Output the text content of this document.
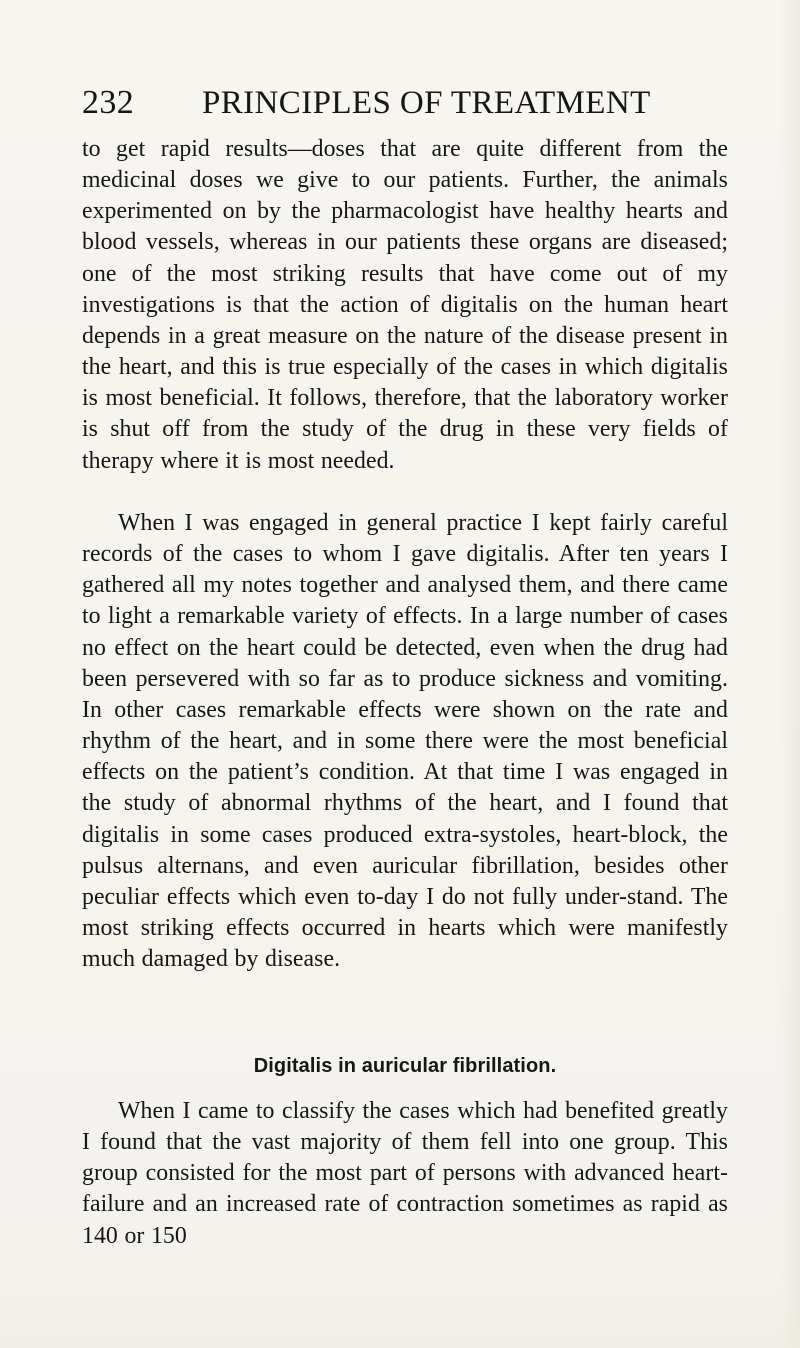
232 PRINCIPLES OF TREATMENT

to get rapid results—doses that are quite different from the medicinal doses we give to our patients. Further, the animals experimented on by the pharmacologist have healthy hearts and blood vessels, whereas in our patients these organs are diseased; one of the most striking results that have come out of my investigations is that the action of digitalis on the human heart depends in a great measure on the nature of the disease present in the heart, and this is true especially of the cases in which digitalis is most beneficial. It follows, therefore, that the laboratory worker is shut off from the study of the drug in these very fields of therapy where it is most needed.

When I was engaged in general practice I kept fairly careful records of the cases to whom I gave digitalis. After ten years I gathered all my notes together and analysed them, and there came to light a remarkable variety of effects. In a large number of cases no effect on the heart could be detected, even when the drug had been persevered with so far as to produce sickness and vomiting. In other cases remarkable effects were shown on the rate and rhythm of the heart, and in some there were the most beneficial effects on the patient’s condition. At that time I was engaged in the study of abnormal rhythms of the heart, and I found that digitalis in some cases produced extra-systoles, heart-block, the pulsus alternans, and even auricular fibrillation, besides other peculiar effects which even to-day I do not fully under-stand. The most striking effects occurred in hearts which were manifestly much damaged by disease.

Digitalis in auricular fibrillation.

When I came to classify the cases which had benefited greatly I found that the vast majority of them fell into one group. This group consisted for the most part of persons with advanced heart-failure and an increased rate of contraction sometimes as rapid as 140 or 150
